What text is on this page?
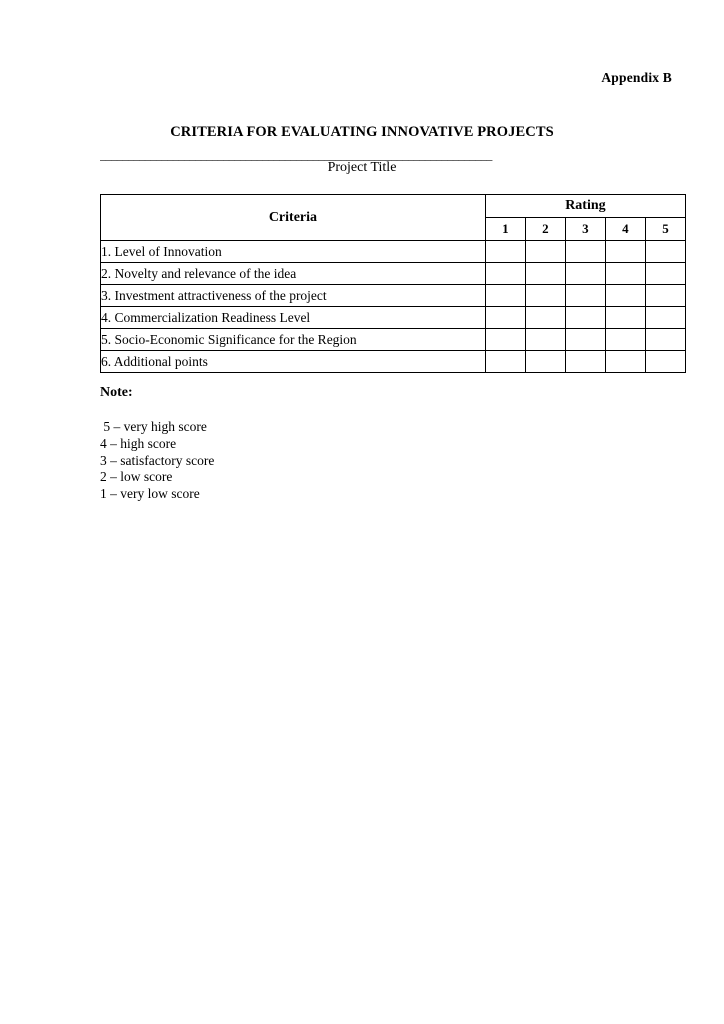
Appendix B
CRITERIA FOR EVALUATING INNOVATIVE PROJECTS
______________________________________________________________________
Project Title
Criteria	Rating				
	1	2	3	4	5
1. Level of Innovation					
2. Novelty and relevance of the idea					
3. Investment attractiveness of the project					
4. Commercialization Readiness Level					
5. Socio-Economic Significance for the Region					
6. Additional points					
Note:
5 – very high score
4 – high score
3 – satisfactory score
2 – low score
1 – very low score
